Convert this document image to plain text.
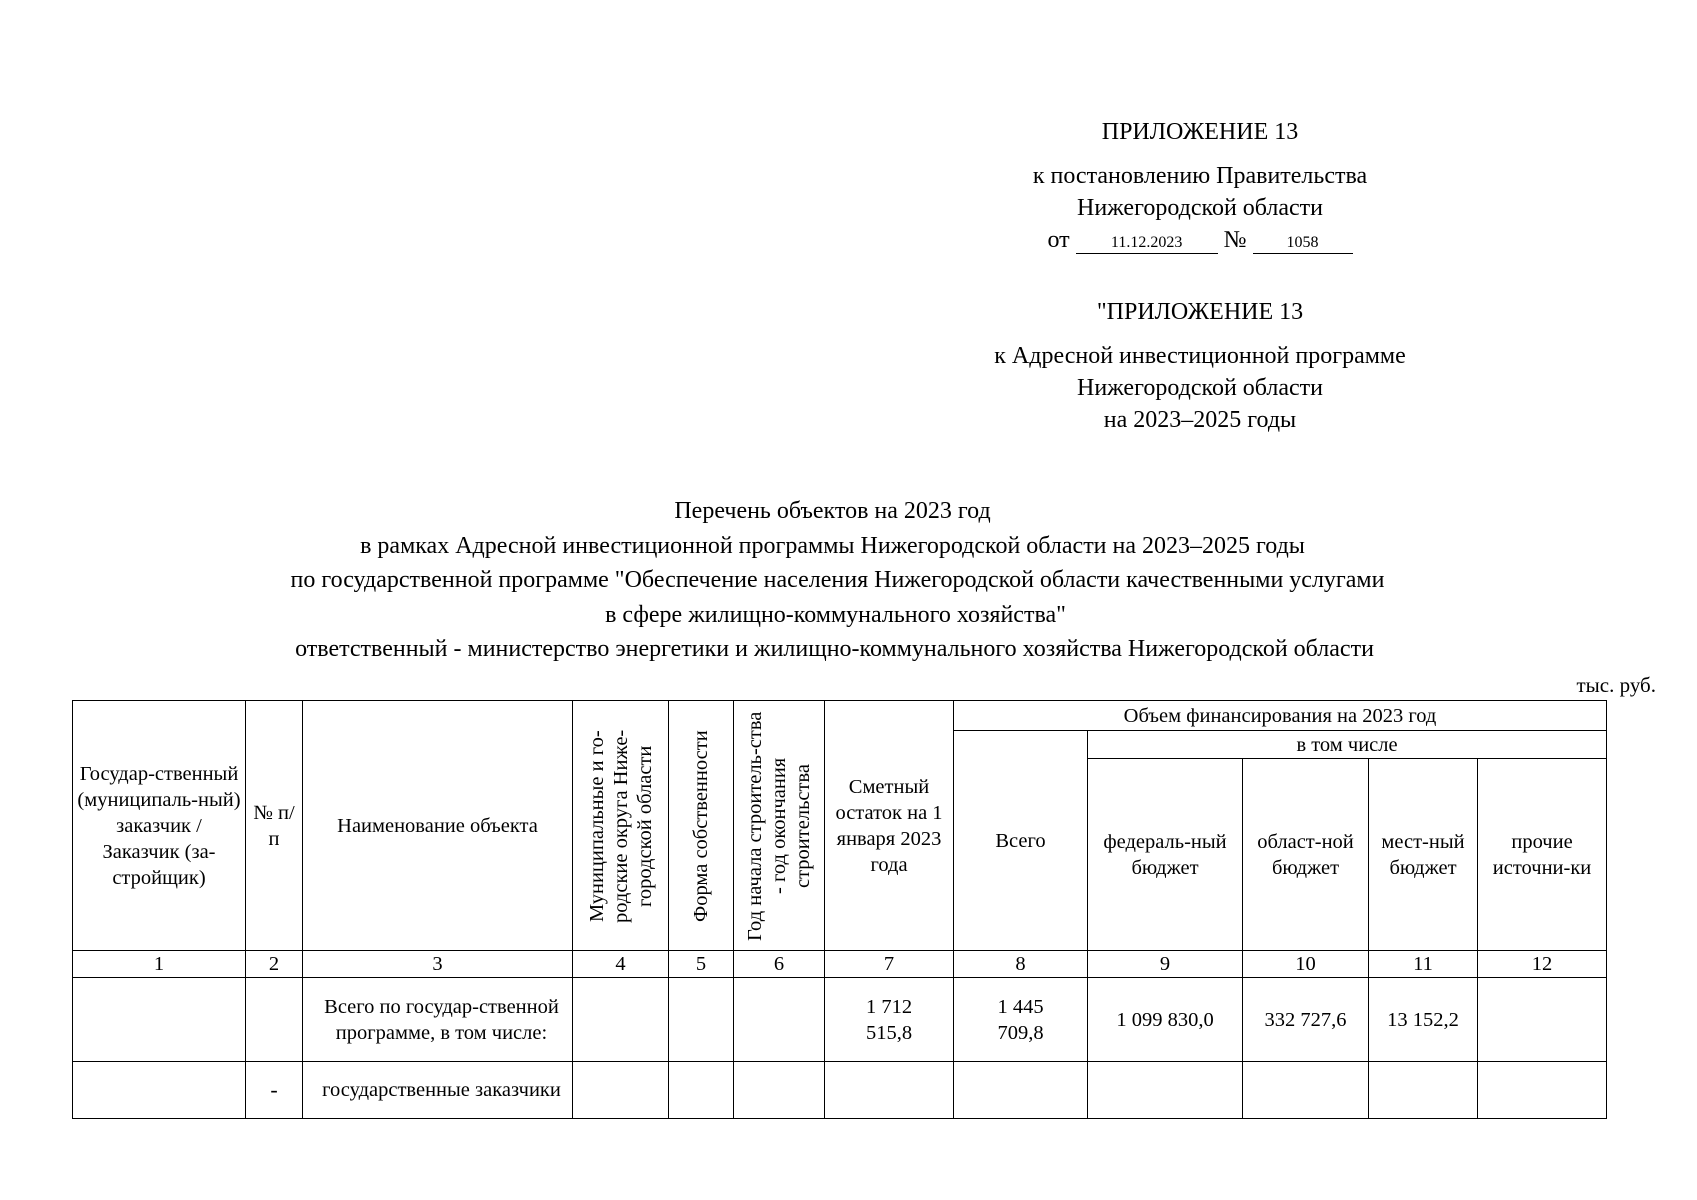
ПРИЛОЖЕНИЕ 13
к постановлению Правительства
Нижегородской области
от	11.12.2023 №	1058
"ПРИЛОЖЕНИЕ 13
к Адресной инвестиционной программе
Нижегородской области
на 2023–2025 годы
Перечень объектов на 2023 год
в рамках Адресной инвестиционной программы Нижегородской области на 2023–2025 годы
по государственной программе "Обеспечение населения Нижегородской области качественными услугами
в сфере жилищно-коммунального хозяйства"
ответственный - министерство энергетики и жилищно-коммунального хозяйства Нижегородской области
тыс. руб.
Государ-ственный (муниципаль-ный) заказчик / Заказчик (за-стройщик)	№ п/п	Наименование объекта	Муниципальные и го-родские округа Ниже-городской области	Форма собственности	Год начала строитель-ства - год окончания строительства	Сметный остаток на 1 января 2023 года	Объем финансирования на 2023 год				
							Всего	в том числе			
								федераль-ный бюджет	област-ной бюджет	мест-ный бюджет	прочие источни-ки
1	2	3	4	5	6	7	8	9	10	11	12
		Всего по государ-ственной программе, в том числе:				1 712 515,8	1 445 709,8	1 099 830,0	332 727,6	13 152,2	
	-	государственные заказчики									
